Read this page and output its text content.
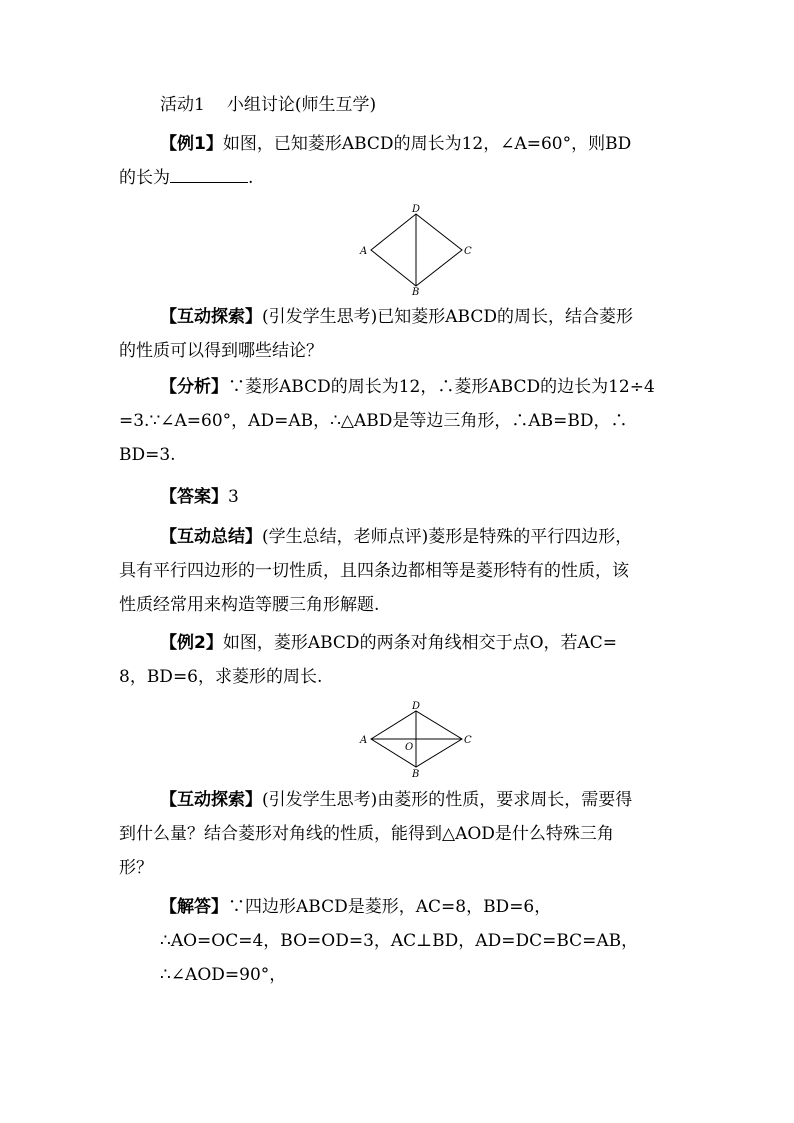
活动1 小组讨论(师生互学)
【例1】如图，已知菱形ABCD的周长为12，∠A=60°，则BD
的长为	.
D
A	C
B
【互动探索】(引发学生思考)已知菱形ABCD的周长，结合菱形
的性质可以得到哪些结论？
【分析】∵菱形ABCD的周长为12，∴菱形ABCD的边长为12÷4
=3.∵∠A=60°，AD=AB，∴△ABD是等边三角形，∴AB=BD，∴
BD=3.
【答案】3
【互动总结】(学生总结，老师点评)菱形是特殊的平行四边形，
具有平行四边形的一切性质，且四条边都相等是菱形特有的性质，该
性质经常用来构造等腰三角形解题.
【例2】如图，菱形ABCD的两条对角线相交于点O，若AC=
8，BD=6，求菱形的周长.
D
A	C
O
B
【互动探索】(引发学生思考)由菱形的性质，要求周长，需要得
到什么量？结合菱形对角线的性质，能得到△AOD是什么特殊三角
形？
【解答】∵四边形ABCD是菱形，AC=8，BD=6，
∴AO=OC=4，BO=OD=3，AC⊥BD，AD=DC=BC=AB，
∴∠AOD=90°，
